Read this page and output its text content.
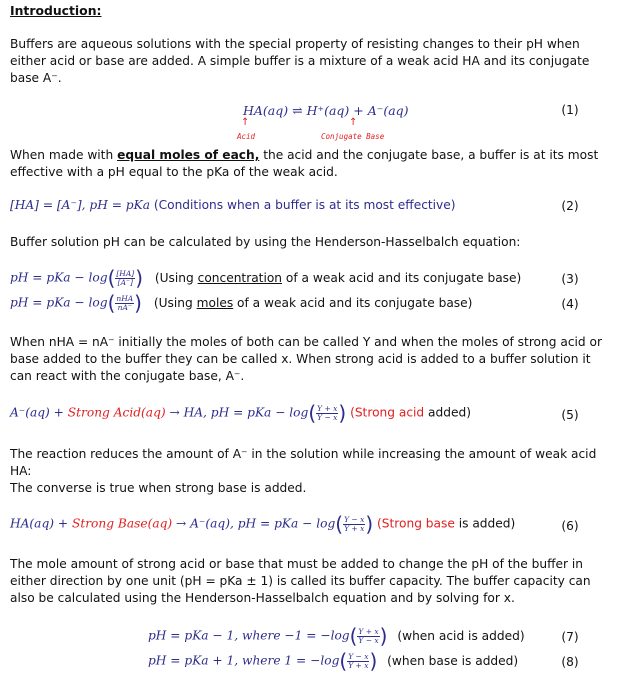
Introduction:
Buffers are aqueous solutions with the special property of resisting changes to their pH when either acid or base are added. A simple buffer is a mixture of a weak acid HA and its conjugate base A⁻.
HA(aq) ⇌ H⁺(aq) + A⁻(aq)
↑
Acid
↑
Conjugate Base
(1)
When made with equal moles of each, the acid and the conjugate base, a buffer is at its most effective with a pH equal to the pKa of the weak acid.
[HA] = [A⁻], pH = pKa (Conditions when a buffer is at its most effective)	(2)
Buffer solution pH can be calculated by using the Henderson-Hasselbalch equation:
pH = pKa − $\log( \frac{[HA]}{[A^-]}$ ) (Using concentration of a weak acid and its conjugate base)	(3)
pH = pKa − $\log( \frac{\text{nHA}}{nA^-}$ ) (Using moles of a weak acid and its conjugate base)	(4)
When nHA = nA⁻ initially the moles of both can be called Y and when the moles of strong acid or base added to the buffer they can be called x. When strong acid is added to a buffer solution it can react with the conjugate base, A⁻.
A⁻(aq) + Strong Acid(aq) → HA, pH = pKa − $\log( \frac{Y + x}{Y - x}$ ) (Strong acid added)	(5)
The reaction reduces the amount of A⁻ in the solution while increasing the amount of weak acid HA:
The converse is true when strong base is added.
HA(aq) + Strong Base(aq) → A⁻(aq), pH = pKa − $\log( \frac{Y - x}{Y + x}$ ) (Strong base is added)	(6)
The mole amount of strong acid or base that must be added to change the pH of the buffer in either direction by one unit (pH = pKa ± 1) is called its buffer capacity. The buffer capacity can also be calculated using the Henderson-Hasselbalch equation and by solving for x.
pH = pKa − 1, where $-1 = -\log( \frac{Y + x}{Y - x}$ ) (when acid is added)	(7)
pH = pKa + 1, where $1 = -\log( \frac{Y - x}{Y + x}$ ) (when base is added)	(8)
